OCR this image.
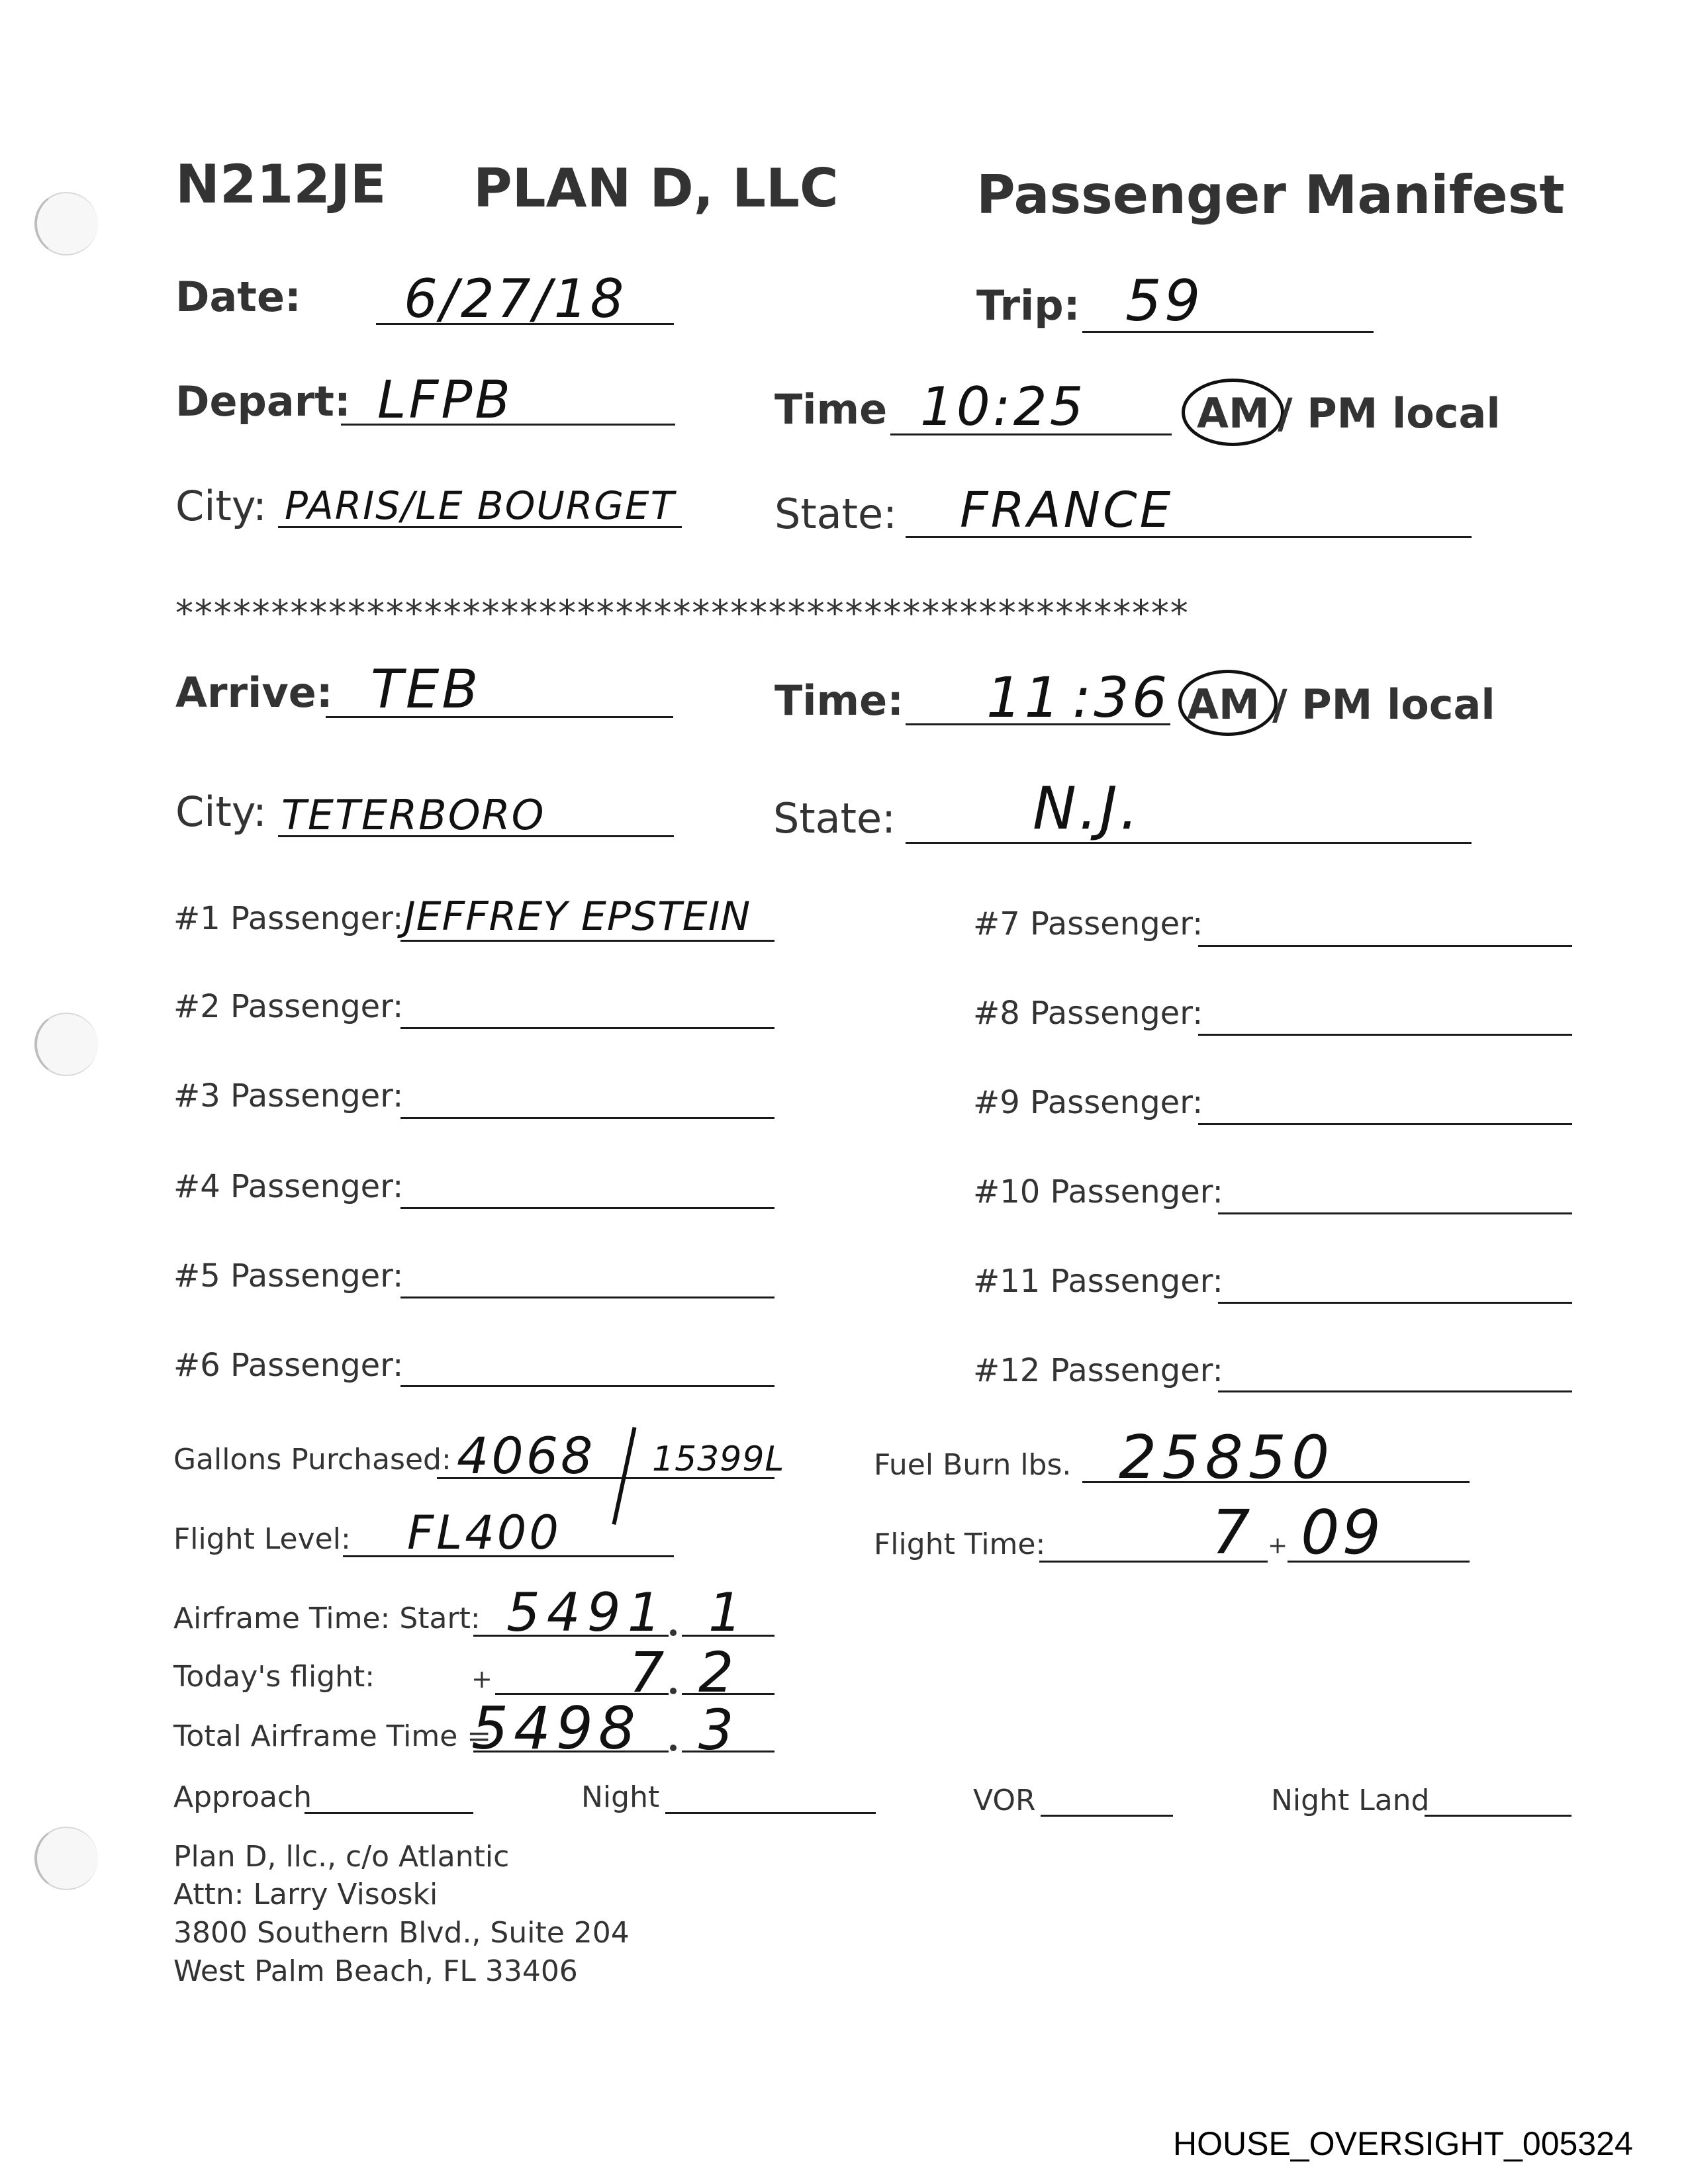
N212JE PLAN D, LLC	Passenger Manifest
Date: 6/27/18	Trip: 59
Depart: LFPB	Time 10:25	AM / PM local
City: PARIS/LE BOURGET State: FRANCE
*****************************************************
Arrive: TEB	Time: 11 :36 AM / PM local
City: TETERBORO	State: N.J.
#1 Passenger: JEFFREY EPSTEIN
#2 Passenger:
#3 Passenger:
#4 Passenger:
#5 Passenger:
#6 Passenger:
#7 Passenger:
#8 Passenger:
#9 Passenger:
#10 Passenger:
#11 Passenger:
#12 Passenger:
Gallons Purchased: 4068 15399L	Fuel Burn lbs. 25850
Flight Level: FL400	Flight Time:	7 + 09
Airframe Time: Start: 5491 1
Today's flight:	+ 7 2
Total Airframe Time =
5498 3
Approach	Night	VOR	Night Land
Plan D, llc., c/o Atlantic
Attn: Larry Visoski
3800 Southern Blvd., Suite 204
West Palm Beach, FL 33406
HOUSE_OVERSIGHT_005324
